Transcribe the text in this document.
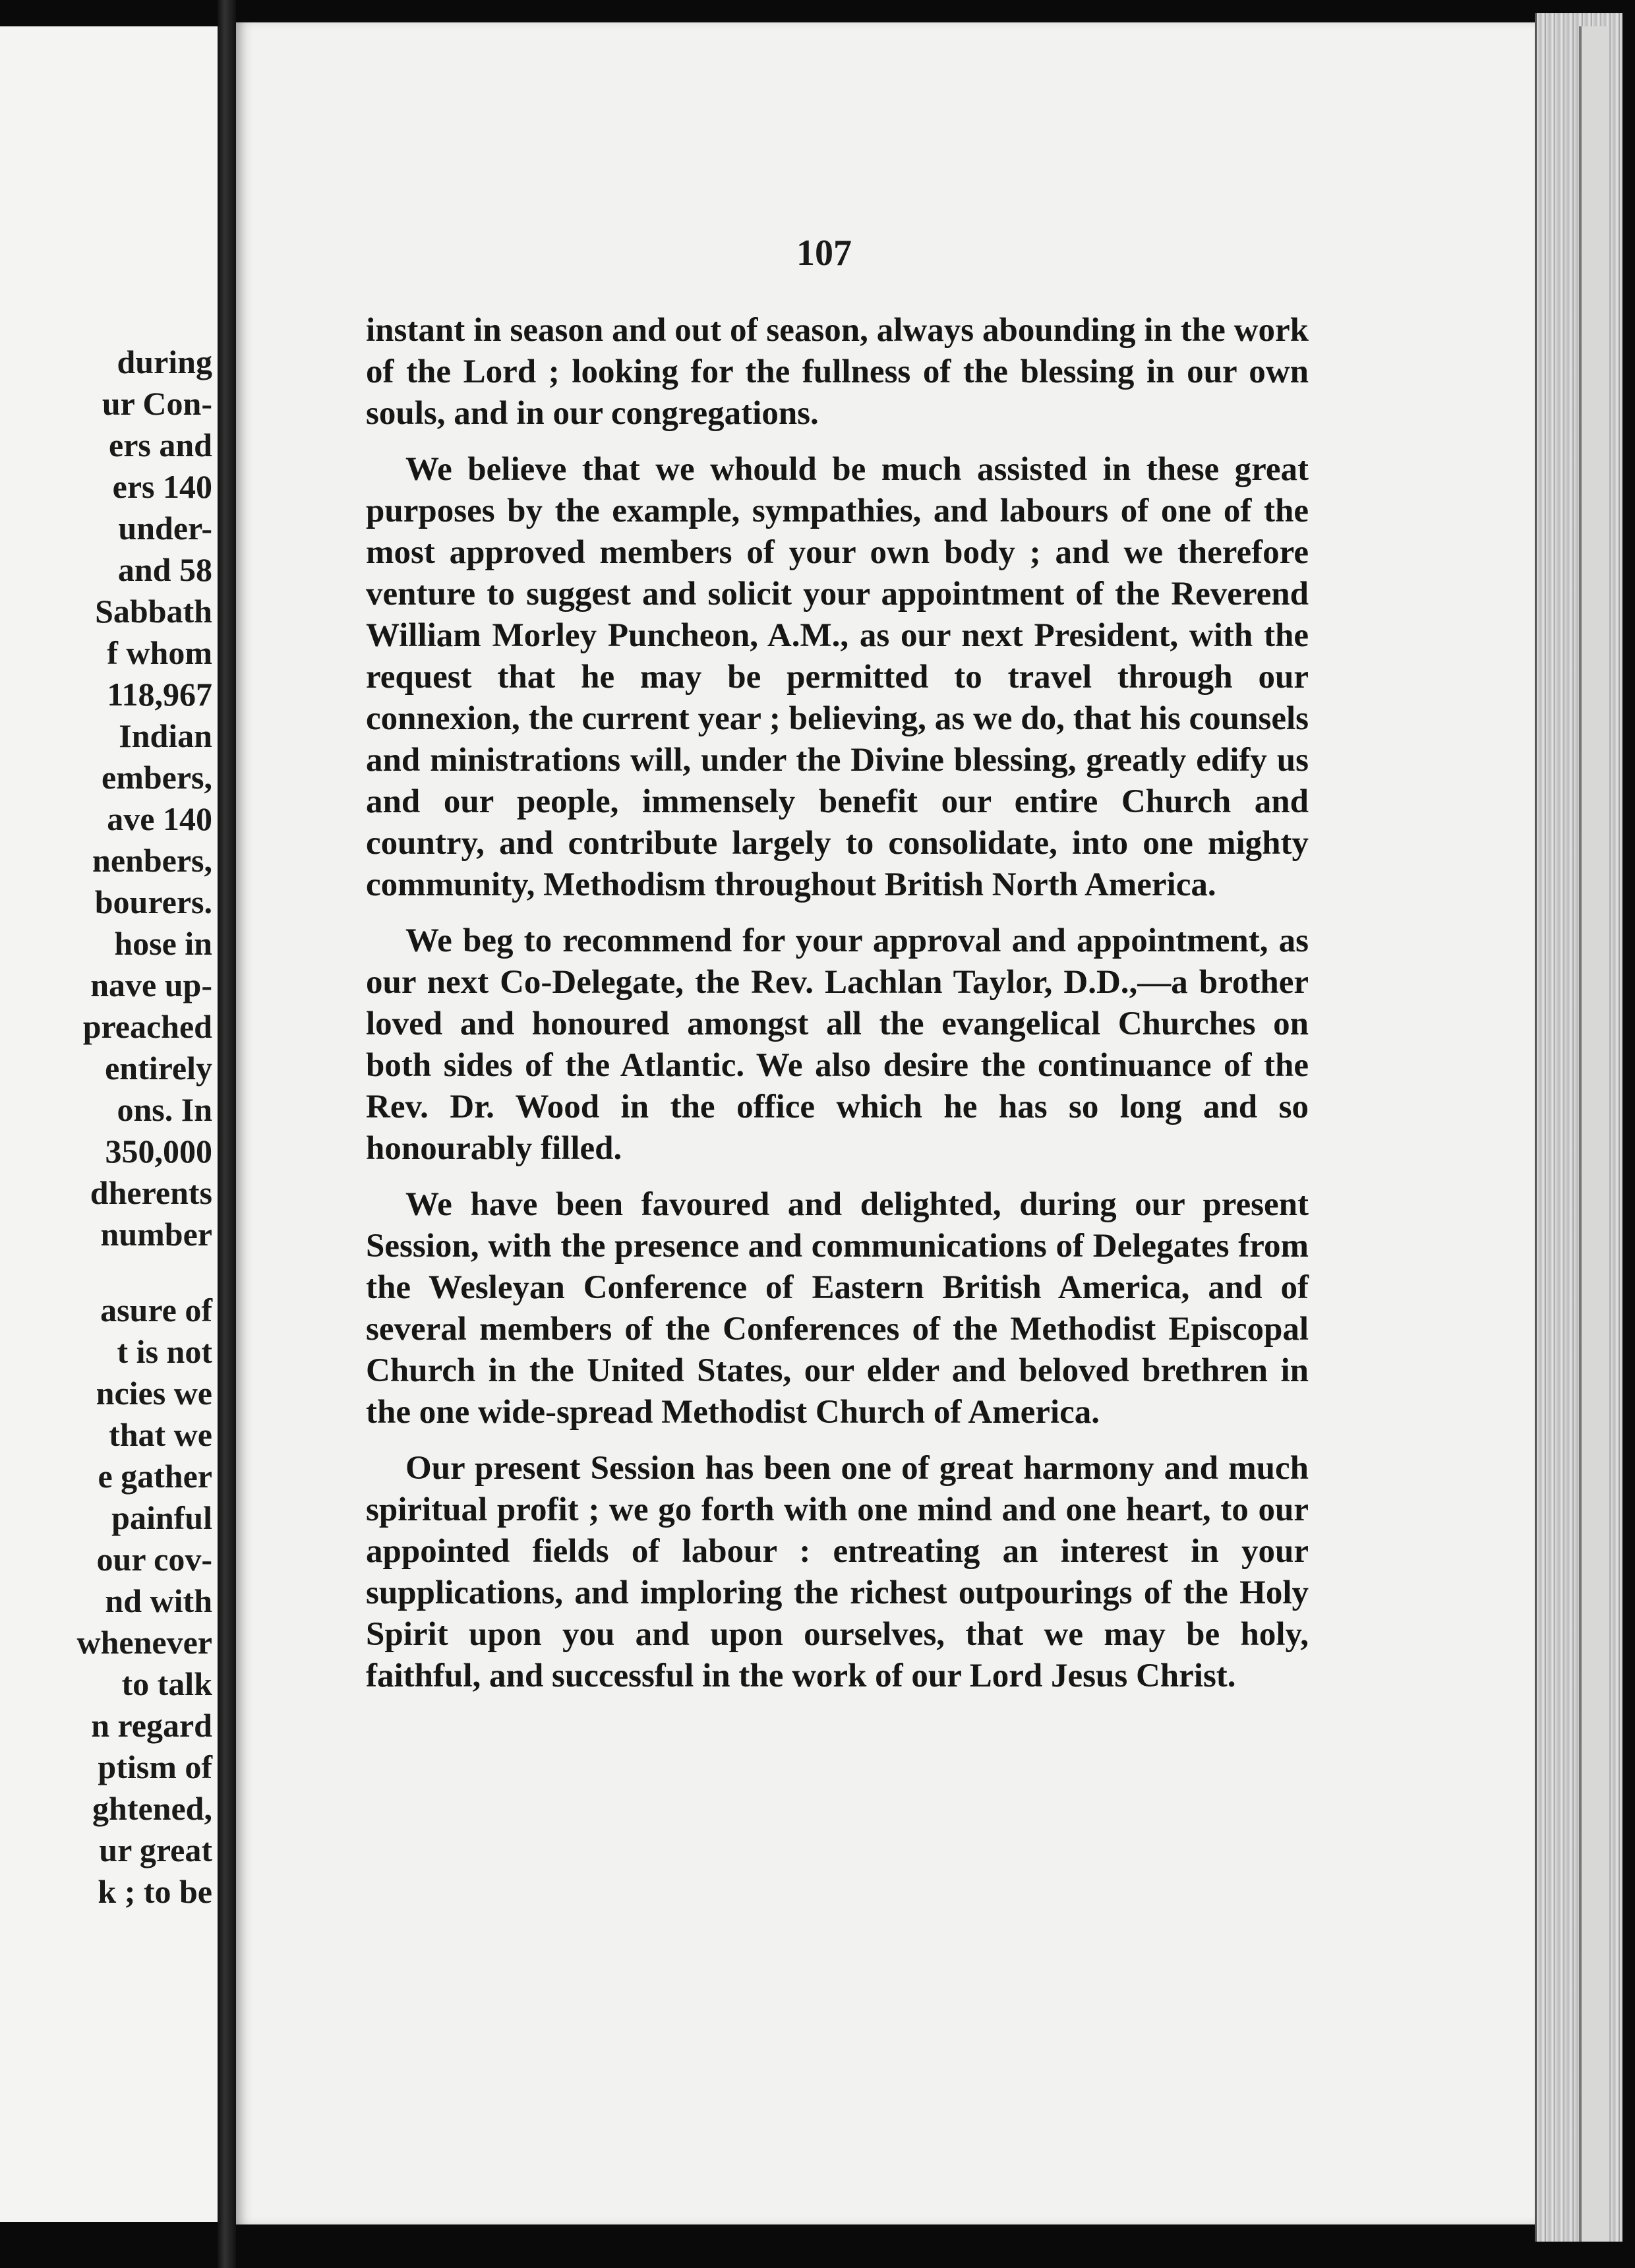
during
ur Con-
ers and
ers 140
under-
and 58
Sabbath
f whom
118,967
Indian
embers,
ave 140
nenbers,
bourers.
hose in
nave up-
preached
entirely
ons. In
350,000
dherents
number
asure of
t is not
ncies we
that we
e gather
painful
our cov-
nd with
whenever
to talk
n regard
ptism of
ghtened,
ur great
k ; to be
107

instant in season and out of season, always abounding in the work of the Lord ; looking for the fullness of the blessing in our own souls, and in our congregations.

We believe that we whould be much assisted in these great purposes by the example, sympathies, and labours of one of the most approved members of your own body ; and we therefore venture to suggest and solicit your appointment of the Reverend William Morley Puncheon, A.M., as our next President, with the request that he may be permitted to travel through our connexion, the current year ; believing, as we do, that his counsels and ministrations will, under the Divine blessing, greatly edify us and our people, immensely benefit our entire Church and country, and contribute largely to consolidate, into one mighty community, Methodism throughout British North America.

We beg to recommend for your approval and appointment, as our next Co-Delegate, the Rev. Lachlan Taylor, D.D.,—a brother loved and honoured amongst all the evangelical Churches on both sides of the Atlantic. We also desire the continuance of the Rev. Dr. Wood in the office which he has so long and so honourably filled.

We have been favoured and delighted, during our present Session, with the presence and communications of Delegates from the Wesleyan Conference of Eastern British America, and of several members of the Conferences of the Methodist Episcopal Church in the United States, our elder and beloved brethren in the one wide-spread Methodist Church of America.

Our present Session has been one of great harmony and much spiritual profit ; we go forth with one mind and one heart, to our appointed fields of labour : entreating an interest in your supplications, and imploring the richest outpourings of the Holy Spirit upon you and upon ourselves, that we may be holy, faithful, and successful in the work of our Lord Jesus Christ.
